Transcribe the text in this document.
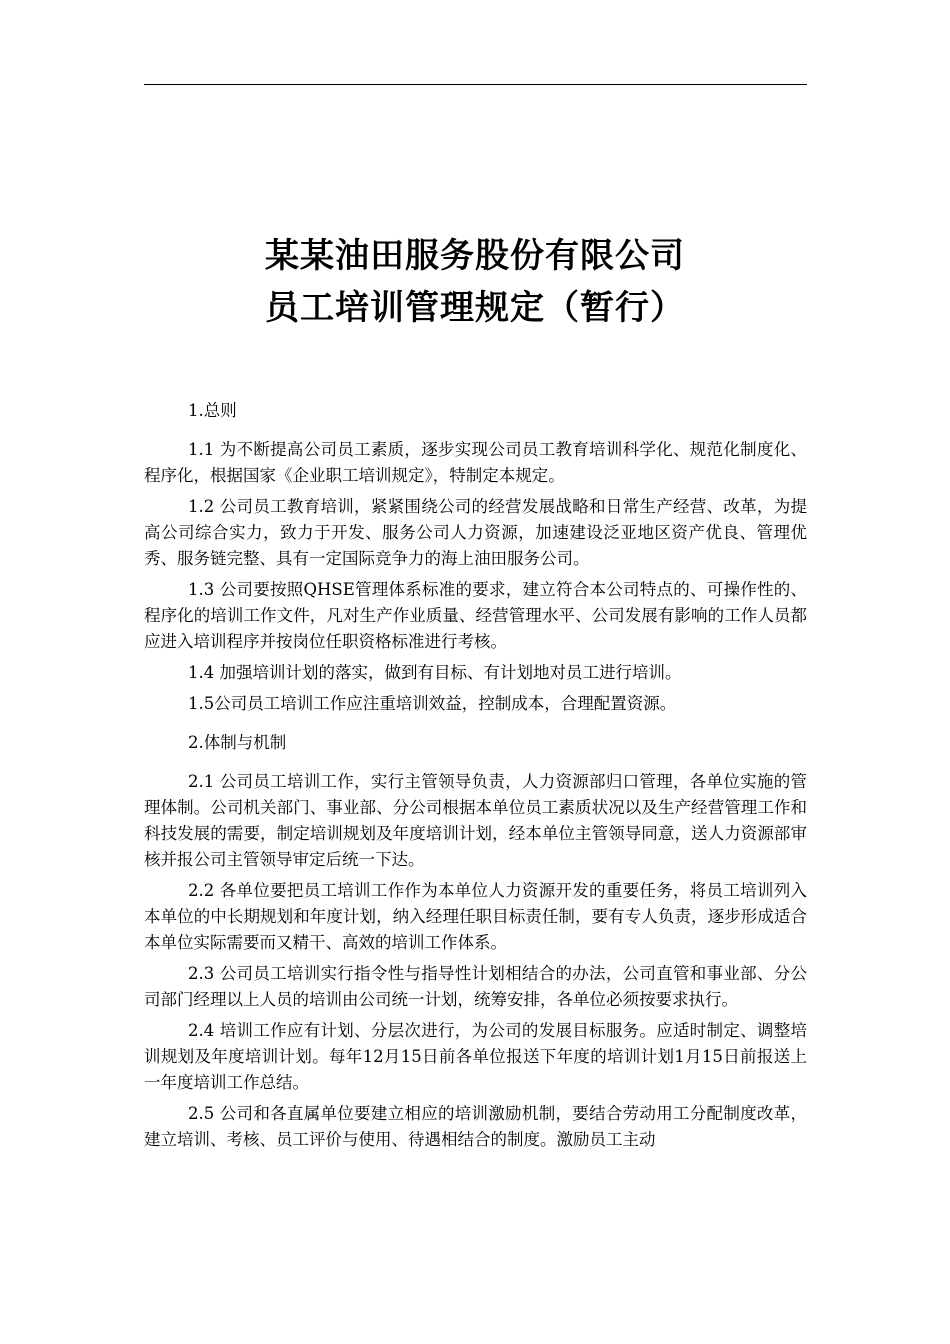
某某油田服务股份有限公司
员工培训管理规定（暂行）

1.总则

1.1 为不断提高公司员工素质，逐步实现公司员工教育培训科学化、规范化制度化、程序化，根据国家《企业职工培训规定》，特制定本规定。

1.2 公司员工教育培训，紧紧围绕公司的经营发展战略和日常生产经营、改革，为提高公司综合实力，致力于开发、服务公司人力资源，加速建设泛亚地区资产优良、管理优秀、服务链完整、具有一定国际竞争力的海上油田服务公司。

1.3 公司要按照QHSE管理体系标准的要求，建立符合本公司特点的、可操作性的、程序化的培训工作文件，凡对生产作业质量、经营管理水平、公司发展有影响的工作人员都应进入培训程序并按岗位任职资格标准进行考核。

1.4 加强培训计划的落实，做到有目标、有计划地对员工进行培训。

1.5公司员工培训工作应注重培训效益，控制成本，合理配置资源。

2.体制与机制

2.1 公司员工培训工作，实行主管领导负责，人力资源部归口管理，各单位实施的管理体制。公司机关部门、事业部、分公司根据本单位员工素质状况以及生产经营管理工作和科技发展的需要，制定培训规划及年度培训计划，经本单位主管领导同意，送人力资源部审核并报公司主管领导审定后统一下达。

2.2 各单位要把员工培训工作作为本单位人力资源开发的重要任务，将员工培训列入本单位的中长期规划和年度计划，纳入经理任职目标责任制，要有专人负责，逐步形成适合本单位实际需要而又精干、高效的培训工作体系。

2.3 公司员工培训实行指令性与指导性计划相结合的办法，公司直管和事业部、分公司部门经理以上人员的培训由公司统一计划，统筹安排，各单位必须按要求执行。

2.4 培训工作应有计划、分层次进行，为公司的发展目标服务。应适时制定、调整培训规划及年度培训计划。每年12月15日前各单位报送下年度的培训计划1月15日前报送上一年度培训工作总结。

2.5 公司和各直属单位要建立相应的培训激励机制，要结合劳动用工分配制度改革，建立培训、考核、员工评价与使用、待遇相结合的制度。激励员工主动
